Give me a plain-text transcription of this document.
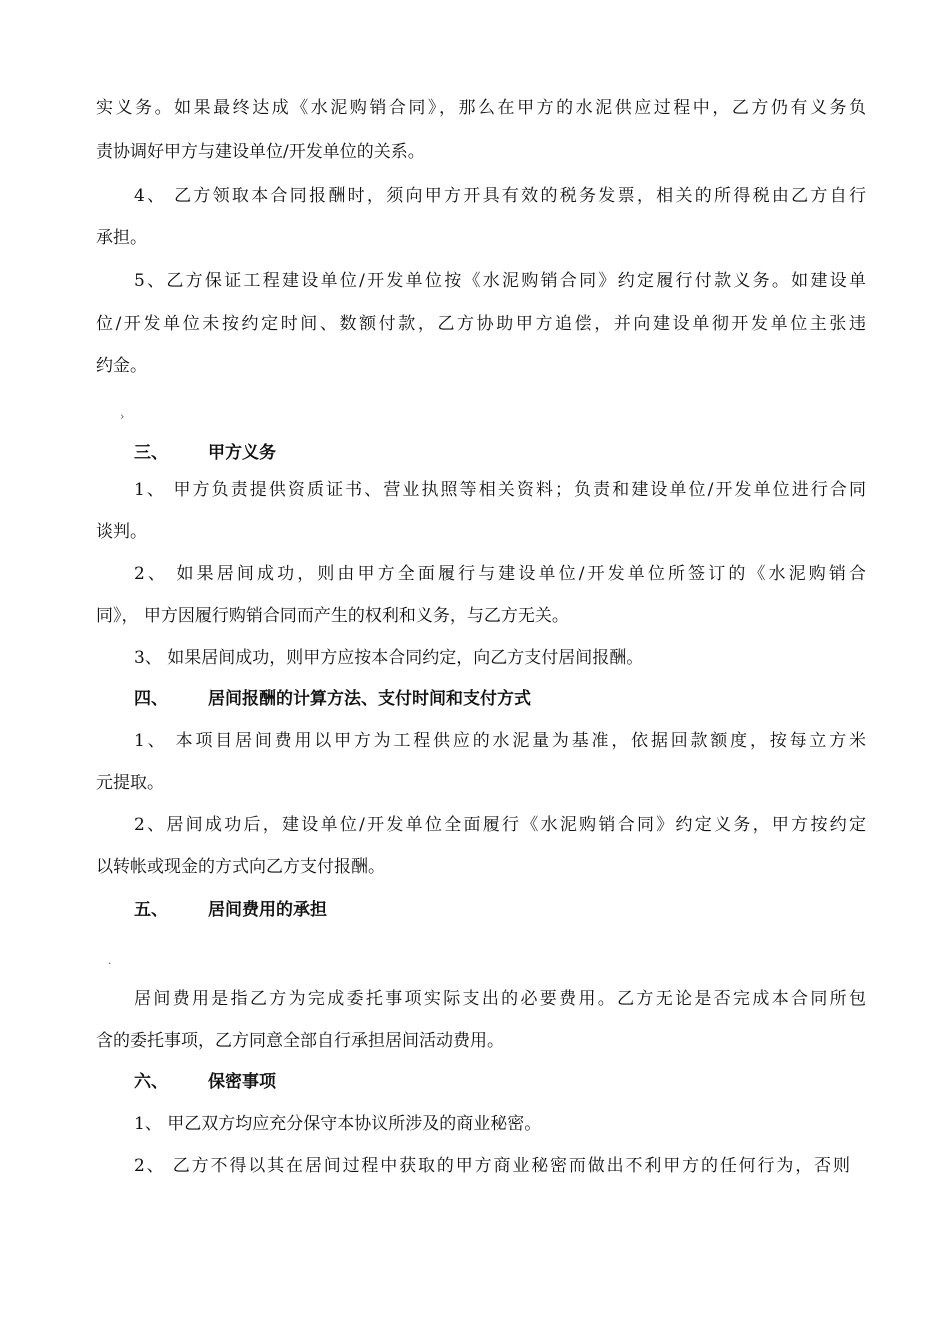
实义务。如果最终达成《水泥购销合同》，那么在甲方的水泥供应过程中，乙方仍有义务负
责协调好甲方与建设单位/开发单位的关系。
4、 乙方领取本合同报酬时，须向甲方开具有效的税务发票，相关的所得税由乙方自行
承担。
5、乙方保证工程建设单位/开发单位按《水泥购销合同》约定履行付款义务。如建设单
位/开发单位未按约定时间、数额付款，乙方协助甲方追偿，并向建设单彻开发单位主张违
约金。
›
三、 甲方义务
1、 甲方负责提供资质证书、营业执照等相关资料；负责和建设单位/开发单位进行合同
谈判。
2、 如果居间成功，则由甲方全面履行与建设单位/开发单位所签订的《水泥购销合
同》， 甲方因履行购销合同而产生的权利和义务，与乙方无关。
3、 如果居间成功，则甲方应按本合同约定，向乙方支付居间报酬。
四、 居间报酬的计算方法、支付时间和支付方式
1、 本项目居间费用以甲方为工程供应的水泥量为基准，依据回款额度，按每立方米
元提取。
2、居间成功后，建设单位/开发单位全面履行《水泥购销合同》约定义务，甲方按约定
以转帐或现金的方式向乙方支付报酬。
五、 居间费用的承担
·
居间费用是指乙方为完成委托事项实际支出的必要费用。乙方无论是否完成本合同所包
含的委托事项，乙方同意全部自行承担居间活动费用。
六、 保密事项
1、 甲乙双方均应充分保守本协议所涉及的商业秘密。
2、 乙方不得以其在居间过程中获取的甲方商业秘密而做出不利甲方的任何行为，否则
